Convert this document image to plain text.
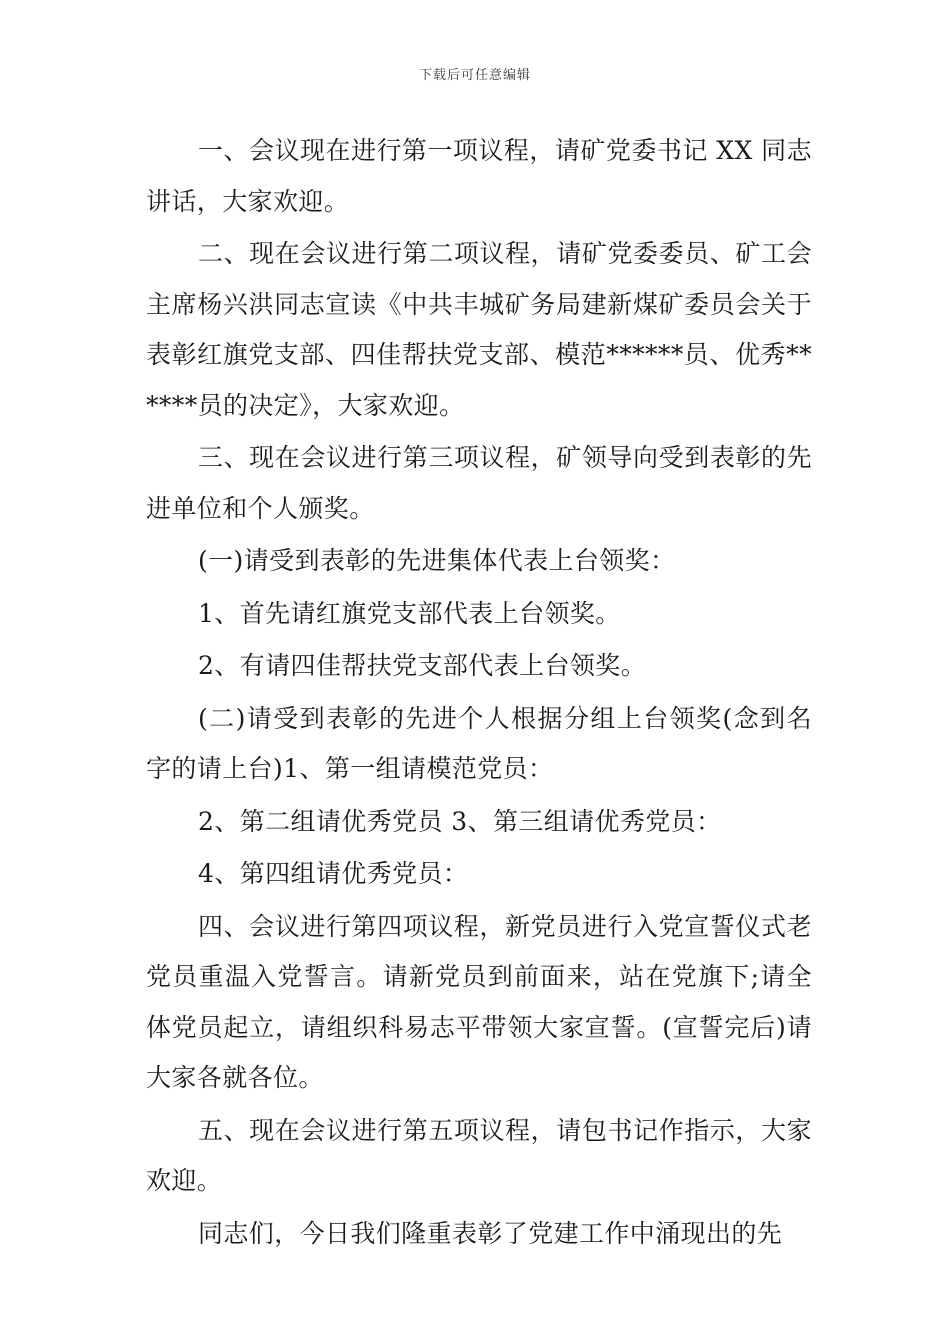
下载后可任意编辑

一、会议现在进行第一项议程，请矿党委书记 XX 同志讲话，大家欢迎。

二、现在会议进行第二项议程，请矿党委委员、矿工会主席杨兴洪同志宣读《中共丰城矿务局建新煤矿委员会关于表彰红旗党支部、四佳帮扶党支部、模范******员、优秀******员的决定》，大家欢迎。

三、现在会议进行第三项议程，矿领导向受到表彰的先进单位和个人颁奖。

(一)请受到表彰的先进集体代表上台领奖：

1、首先请红旗党支部代表上台领奖。

2、有请四佳帮扶党支部代表上台领奖。

(二)请受到表彰的先进个人根据分组上台领奖(念到名字的请上台)1、第一组请模范党员：

2、第二组请优秀党员 3、第三组请优秀党员：

4、第四组请优秀党员：

四、会议进行第四项议程，新党员进行入党宣誓仪式老党员重温入党誓言。请新党员到前面来，站在党旗下;请全体党员起立，请组织科易志平带领大家宣誓。(宣誓完后)请大家各就各位。

五、现在会议进行第五项议程，请包书记作指示，大家欢迎。

同志们，今日我们隆重表彰了党建工作中涌现出的先
